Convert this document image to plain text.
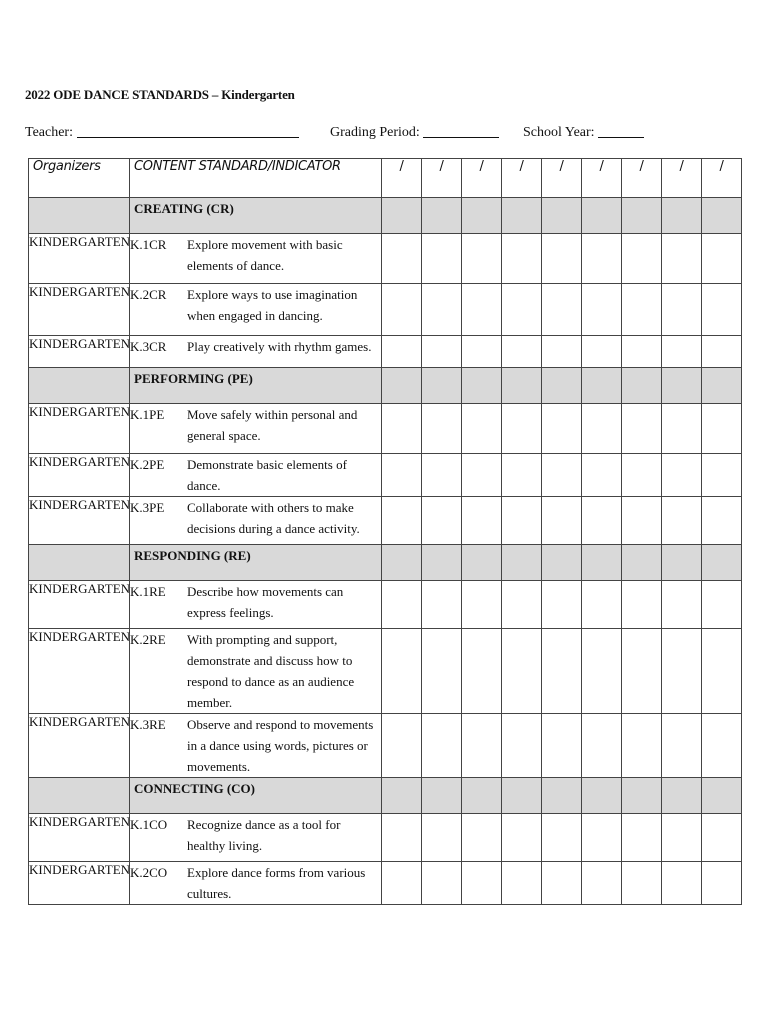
2022 ODE DANCE STANDARDS – Kindergarten
Teacher:	Grading Period:	School Year:
Organizers	CONTENT STANDARD/INDICATOR	/	/	/	/	/	/	/	/	/
	CREATING (CR)									
KINDERGARTEN	K.1CR Explore movement with basic elements of dance.									

KINDERGARTEN	K.2CR Explore ways to use imagination when engaged in dancing.									

KINDERGARTEN	K.3CR Play creatively with rhythm games.									

	PERFORMING (PE)									
KINDERGARTEN	K.1PE Move safely within personal and general space.									

KINDERGARTEN	K.2PE Demonstrate basic elements of dance.									

KINDERGARTEN	K.3PE Collaborate with others to make decisions during a dance activity.									

	RESPONDING (RE)									
KINDERGARTEN	K.1RE Describe how movements can express feelings.									

KINDERGARTEN	K.2RE With prompting and support, demonstrate and discuss how to respond to dance as an audience member.									

KINDERGARTEN	K.3RE Observe and respond to movements in a dance using words, pictures or movements.									

	CONNECTING (CO)									
KINDERGARTEN	K.1CO Recognize dance as a tool for healthy living.									

KINDERGARTEN	K.2CO Explore dance forms from various cultures.									
